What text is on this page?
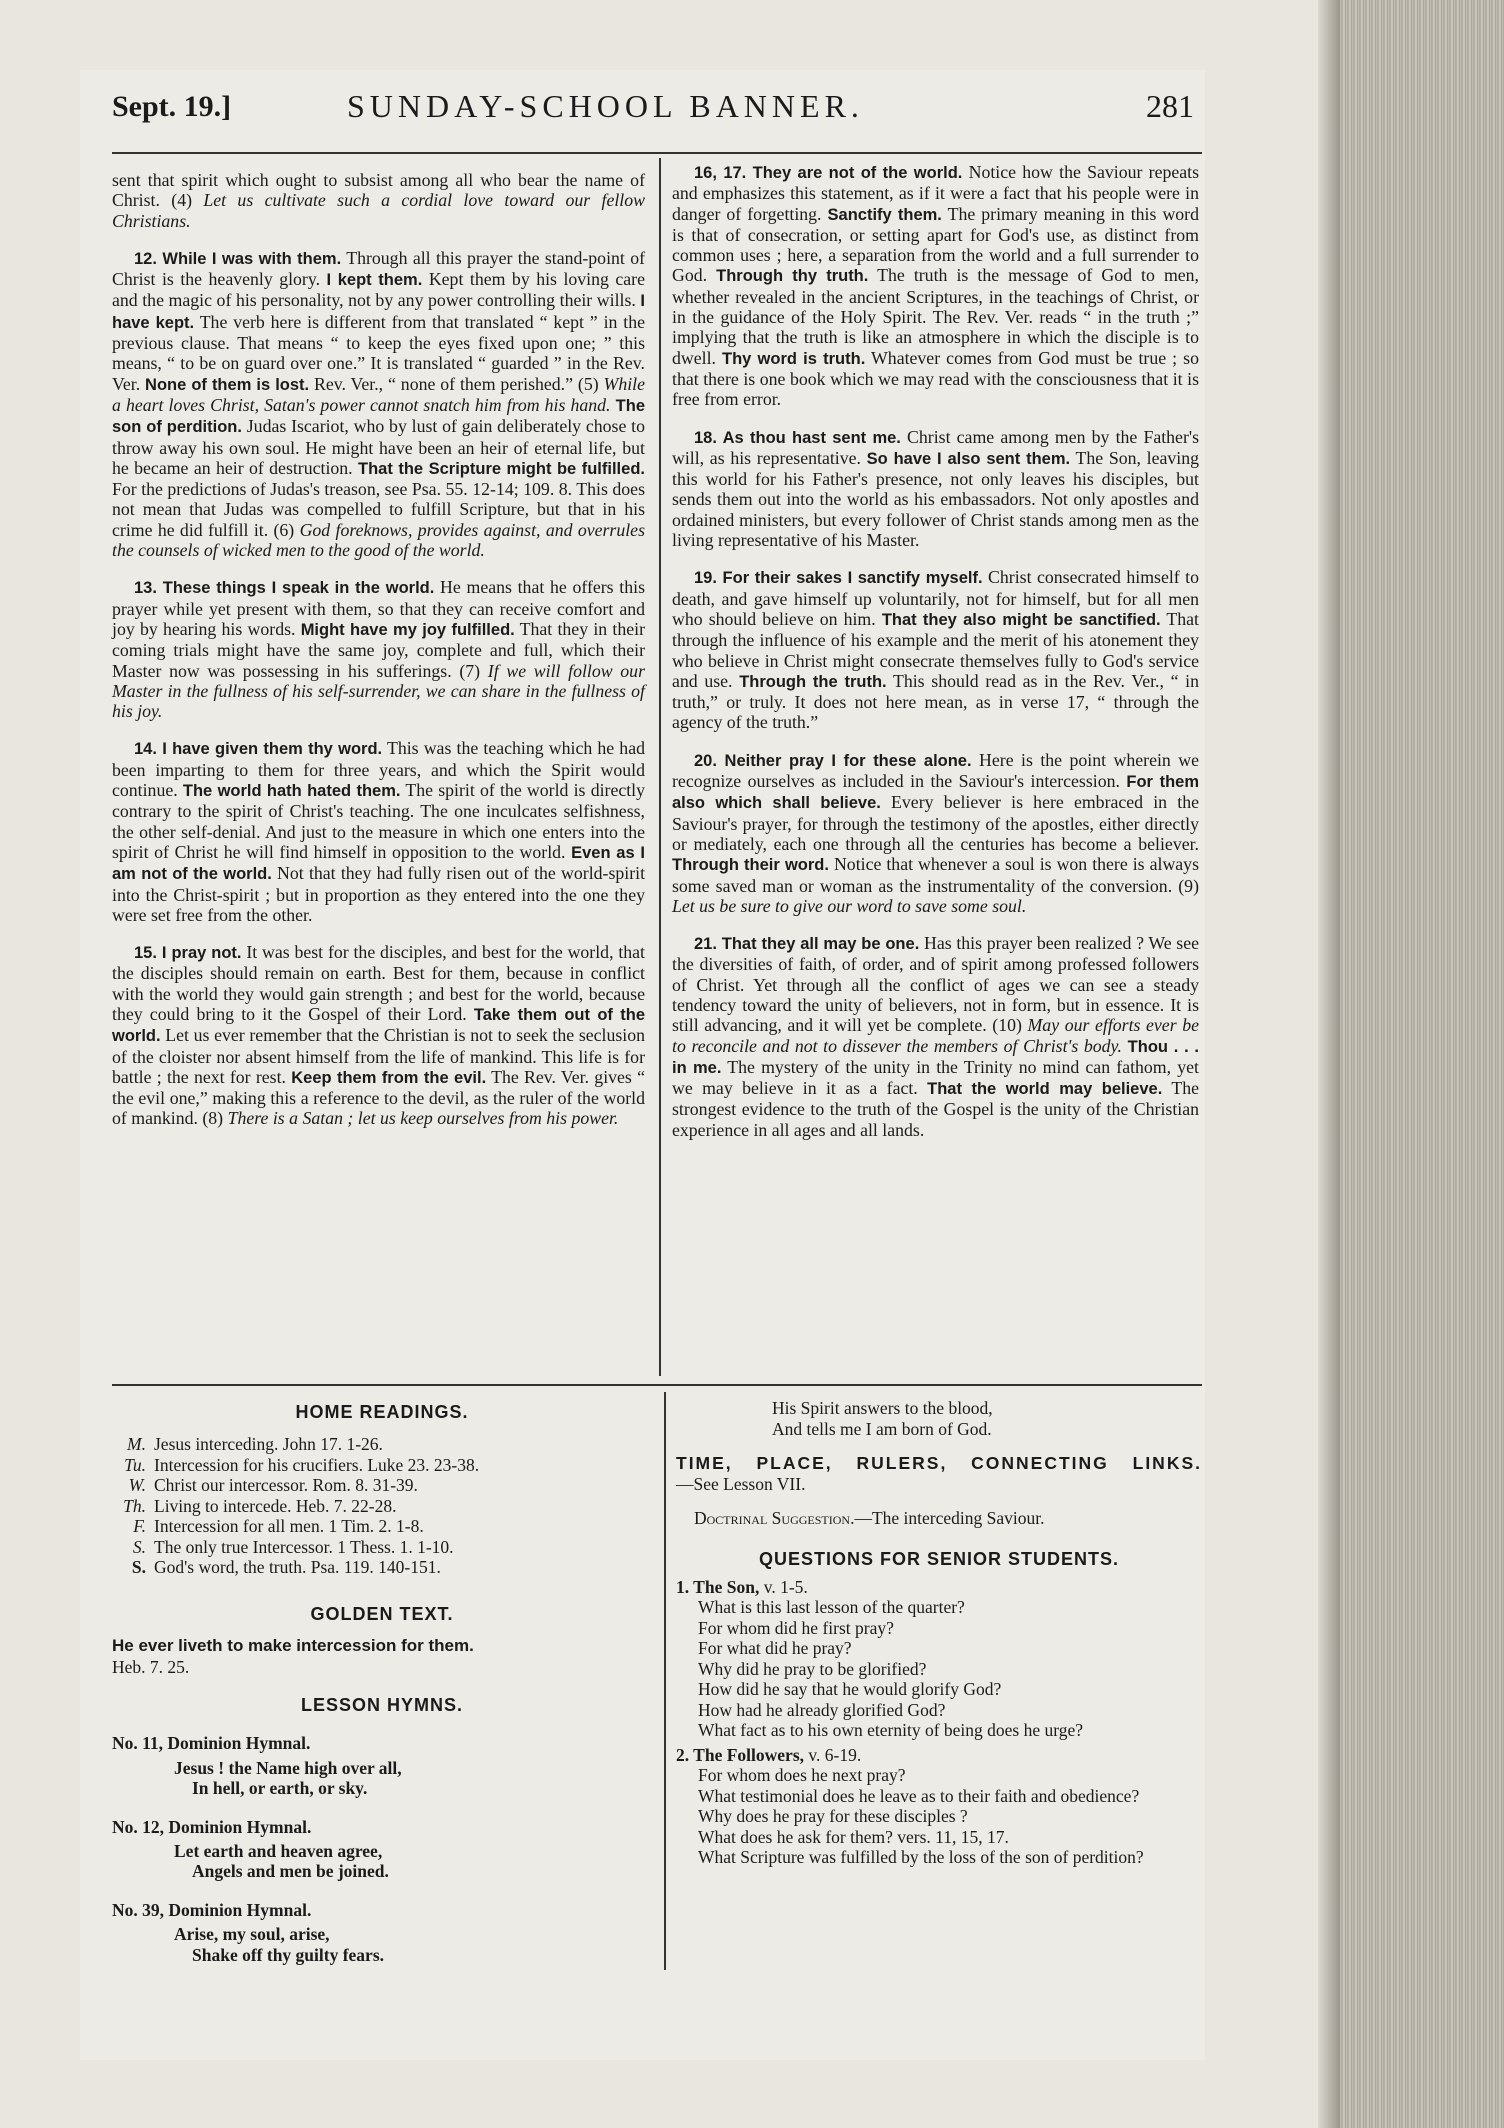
Sept. 19.]	SUNDAY-SCHOOL BANNER.	281

sent that spirit which ought to subsist among all who bear the name of Christ. (4) Let us cultivate such a cordial love toward our fellow Christians.

12. While I was with them. Through all this prayer the stand-point of Christ is the heavenly glory. I kept them. Kept them by his loving care and the magic of his personality, not by any power controlling their wills. I have kept. The verb here is different from that translated “ kept ” in the previous clause. That means “ to keep the eyes fixed upon one; ” this means, “ to be on guard over one.” It is translated “ guarded ” in the Rev. Ver. None of them is lost. Rev. Ver., “ none of them perished.” (5) While a heart loves Christ, Satan's power cannot snatch him from his hand. The son of perdition. Judas Iscariot, who by lust of gain deliberately chose to throw away his own soul. He might have been an heir of eternal life, but he became an heir of destruction. That the Scripture might be fulfilled. For the predictions of Judas's treason, see Psa. 55. 12-14; 109. 8. This does not mean that Judas was compelled to fulfill Scripture, but that in his crime he did fulfill it. (6) God foreknows, provides against, and overrules the counsels of wicked men to the good of the world.

13. These things I speak in the world. He means that he offers this prayer while yet present with them, so that they can receive comfort and joy by hearing his words. Might have my joy fulfilled. That they in their coming trials might have the same joy, complete and full, which their Master now was possessing in his sufferings. (7) If we will follow our Master in the fullness of his self-surrender, we can share in the fullness of his joy.

14. I have given them thy word. This was the teaching which he had been imparting to them for three years, and which the Spirit would continue. The world hath hated them. The spirit of the world is directly contrary to the spirit of Christ's teaching. The one inculcates selfishness, the other self-denial. And just to the measure in which one enters into the spirit of Christ he will find himself in opposition to the world. Even as I am not of the world. Not that they had fully risen out of the world-spirit into the Christ-spirit ; but in proportion as they entered into the one they were set free from the other.

15. I pray not. It was best for the disciples, and best for the world, that the disciples should remain on earth. Best for them, because in conflict with the world they would gain strength ; and best for the world, because they could bring to it the Gospel of their Lord. Take them out of the world. Let us ever remember that the Christian is not to seek the seclusion of the cloister nor absent himself from the life of mankind. This life is for battle ; the next for rest. Keep them from the evil. The Rev. Ver. gives “ the evil one,” making this a reference to the devil, as the ruler of the world of mankind. (8) There is a Satan ; let us keep ourselves from his power.

16, 17. They are not of the world. Notice how the Saviour repeats and emphasizes this statement, as if it were a fact that his people were in danger of forgetting. Sanctify them. The primary meaning in this word is that of consecration, or setting apart for God's use, as distinct from common uses ; here, a separation from the world and a full surrender to God. Through thy truth. The truth is the message of God to men, whether revealed in the ancient Scriptures, in the teachings of Christ, or in the guidance of the Holy Spirit. The Rev. Ver. reads “ in the truth ;” implying that the truth is like an atmosphere in which the disciple is to dwell. Thy word is truth. Whatever comes from God must be true ; so that there is one book which we may read with the consciousness that it is free from error.

18. As thou hast sent me. Christ came among men by the Father's will, as his representative. So have I also sent them. The Son, leaving this world for his Father's presence, not only leaves his disciples, but sends them out into the world as his embassadors. Not only apostles and ordained ministers, but every follower of Christ stands among men as the living representative of his Master.

19. For their sakes I sanctify myself. Christ consecrated himself to death, and gave himself up voluntarily, not for himself, but for all men who should believe on him. That they also might be sanctified. That through the influence of his example and the merit of his atonement they who believe in Christ might consecrate themselves fully to God's service and use. Through the truth. This should read as in the Rev. Ver., “ in truth,” or truly. It does not here mean, as in verse 17, “ through the agency of the truth.”

20. Neither pray I for these alone. Here is the point wherein we recognize ourselves as included in the Saviour's intercession. For them also which shall believe. Every believer is here embraced in the Saviour's prayer, for through the testimony of the apostles, either directly or mediately, each one through all the centuries has become a believer. Through their word. Notice that whenever a soul is won there is always some saved man or woman as the instrumentality of the conversion. (9) Let us be sure to give our word to save some soul.

21. That they all may be one. Has this prayer been realized ? We see the diversities of faith, of order, and of spirit among professed followers of Christ. Yet through all the conflict of ages we can see a steady tendency toward the unity of believers, not in form, but in essence. It is still advancing, and it will yet be complete. (10) May our efforts ever be to reconcile and not to dissever the members of Christ's body. Thou . . . in me. The mystery of the unity in the Trinity no mind can fathom, yet we may believe in it as a fact. That the world may believe. The strongest evidence to the truth of the Gospel is the unity of the Christian experience in all ages and all lands.

HOME READINGS.
M. Jesus interceding. John 17. 1-26.
Tu. Intercession for his crucifiers. Luke 23. 23-38.
W. Christ our intercessor. Rom. 8. 31-39.
Th. Living to intercede. Heb. 7. 22-28.
F. Intercession for all men. 1 Tim. 2. 1-8.
S. The only true Intercessor. 1 Thess. 1. 1-10.
S. God's word, the truth. Psa. 119. 140-151.
GOLDEN TEXT.
He ever liveth to make intercession for them.
Heb. 7. 25.
LESSON HYMNS.
No. 11, Dominion Hymnal.
Jesus ! the Name high over all,
In hell, or earth, or sky.
No. 12, Dominion Hymnal.
Let earth and heaven agree,
Angels and men be joined.
No. 39, Dominion Hymnal.
Arise, my soul, arise,
Shake off thy guilty fears.
His Spirit answers to the blood,
And tells me I am born of God.
TIME, PLACE, RULERS, CONNECTING LINKS.—See Lesson VII.
Doctrinal Suggestion.—The interceding Saviour.
QUESTIONS FOR SENIOR STUDENTS.
1. The Son, v. 1-5.
What is this last lesson of the quarter?
For whom did he first pray?
For what did he pray?
Why did he pray to be glorified?
How did he say that he would glorify God?
How had he already glorified God?
What fact as to his own eternity of being does he urge?
2. The Followers, v. 6-19.
For whom does he next pray?
What testimonial does he leave as to their faith and obedience?
Why does he pray for these disciples ?
What does he ask for them? vers. 11, 15, 17.
What Scripture was fulfilled by the loss of the son of perdition?
